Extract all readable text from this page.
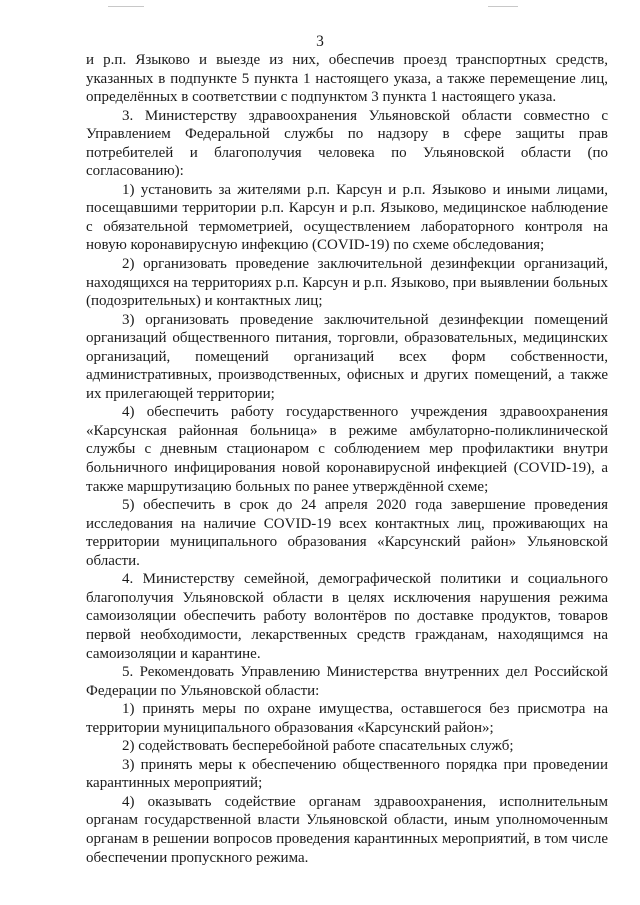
3

и р.п. Языково и выезде из них, обеспечив проезд транспортных средств, указанных в подпункте 5 пункта 1 настоящего указа, а также перемещение лиц, определённых в соответствии с подпунктом 3 пункта 1 настоящего указа.

3. Министерству здравоохранения Ульяновской области совместно с Управлением Федеральной службы по надзору в сфере защиты прав потребителей и благополучия человека по Ульяновской области (по согласованию):

1) установить за жителями р.п. Карсун и р.п. Языково и иными лицами, посещавшими территории р.п. Карсун и р.п. Языково, медицинское наблюдение с обязательной термометрией, осуществлением лабораторного контроля на новую коронавирусную инфекцию (COVID-19) по схеме обследования;

2) организовать проведение заключительной дезинфекции организаций, находящихся на территориях р.п. Карсун и р.п. Языково, при выявлении больных (подозрительных) и контактных лиц;

3) организовать проведение заключительной дезинфекции помещений организаций общественного питания, торговли, образовательных, медицинских организаций, помещений организаций всех форм собственности, административных, производственных, офисных и других помещений, а также их прилегающей территории;

4) обеспечить работу государственного учреждения здравоохранения «Карсунская районная больница» в режиме амбулаторно-поликлинической службы с дневным стационаром с соблюдением мер профилактики внутри больничного инфицирования новой коронавирусной инфекцией (COVID-19), а также маршрутизацию больных по ранее утверждённой схеме;

5) обеспечить в срок до 24 апреля 2020 года завершение проведения исследования на наличие COVID-19 всех контактных лиц, проживающих на территории муниципального образования «Карсунский район» Ульяновской области.

4. Министерству семейной, демографической политики и социального благополучия Ульяновской области в целях исключения нарушения режима самоизоляции обеспечить работу волонтёров по доставке продуктов, товаров первой необходимости, лекарственных средств гражданам, находящимся на самоизоляции и карантине.

5. Рекомендовать Управлению Министерства внутренних дел Российской Федерации по Ульяновской области:

1) принять меры по охране имущества, оставшегося без присмотра на территории муниципального образования «Карсунский район»;

2) содействовать бесперебойной работе спасательных служб;

3) принять меры к обеспечению общественного порядка при проведении карантинных мероприятий;

4) оказывать содействие органам здравоохранения, исполнительным органам государственной власти Ульяновской области, иным уполномоченным органам в решении вопросов проведения карантинных мероприятий, в том числе обеспечении пропускного режима.
